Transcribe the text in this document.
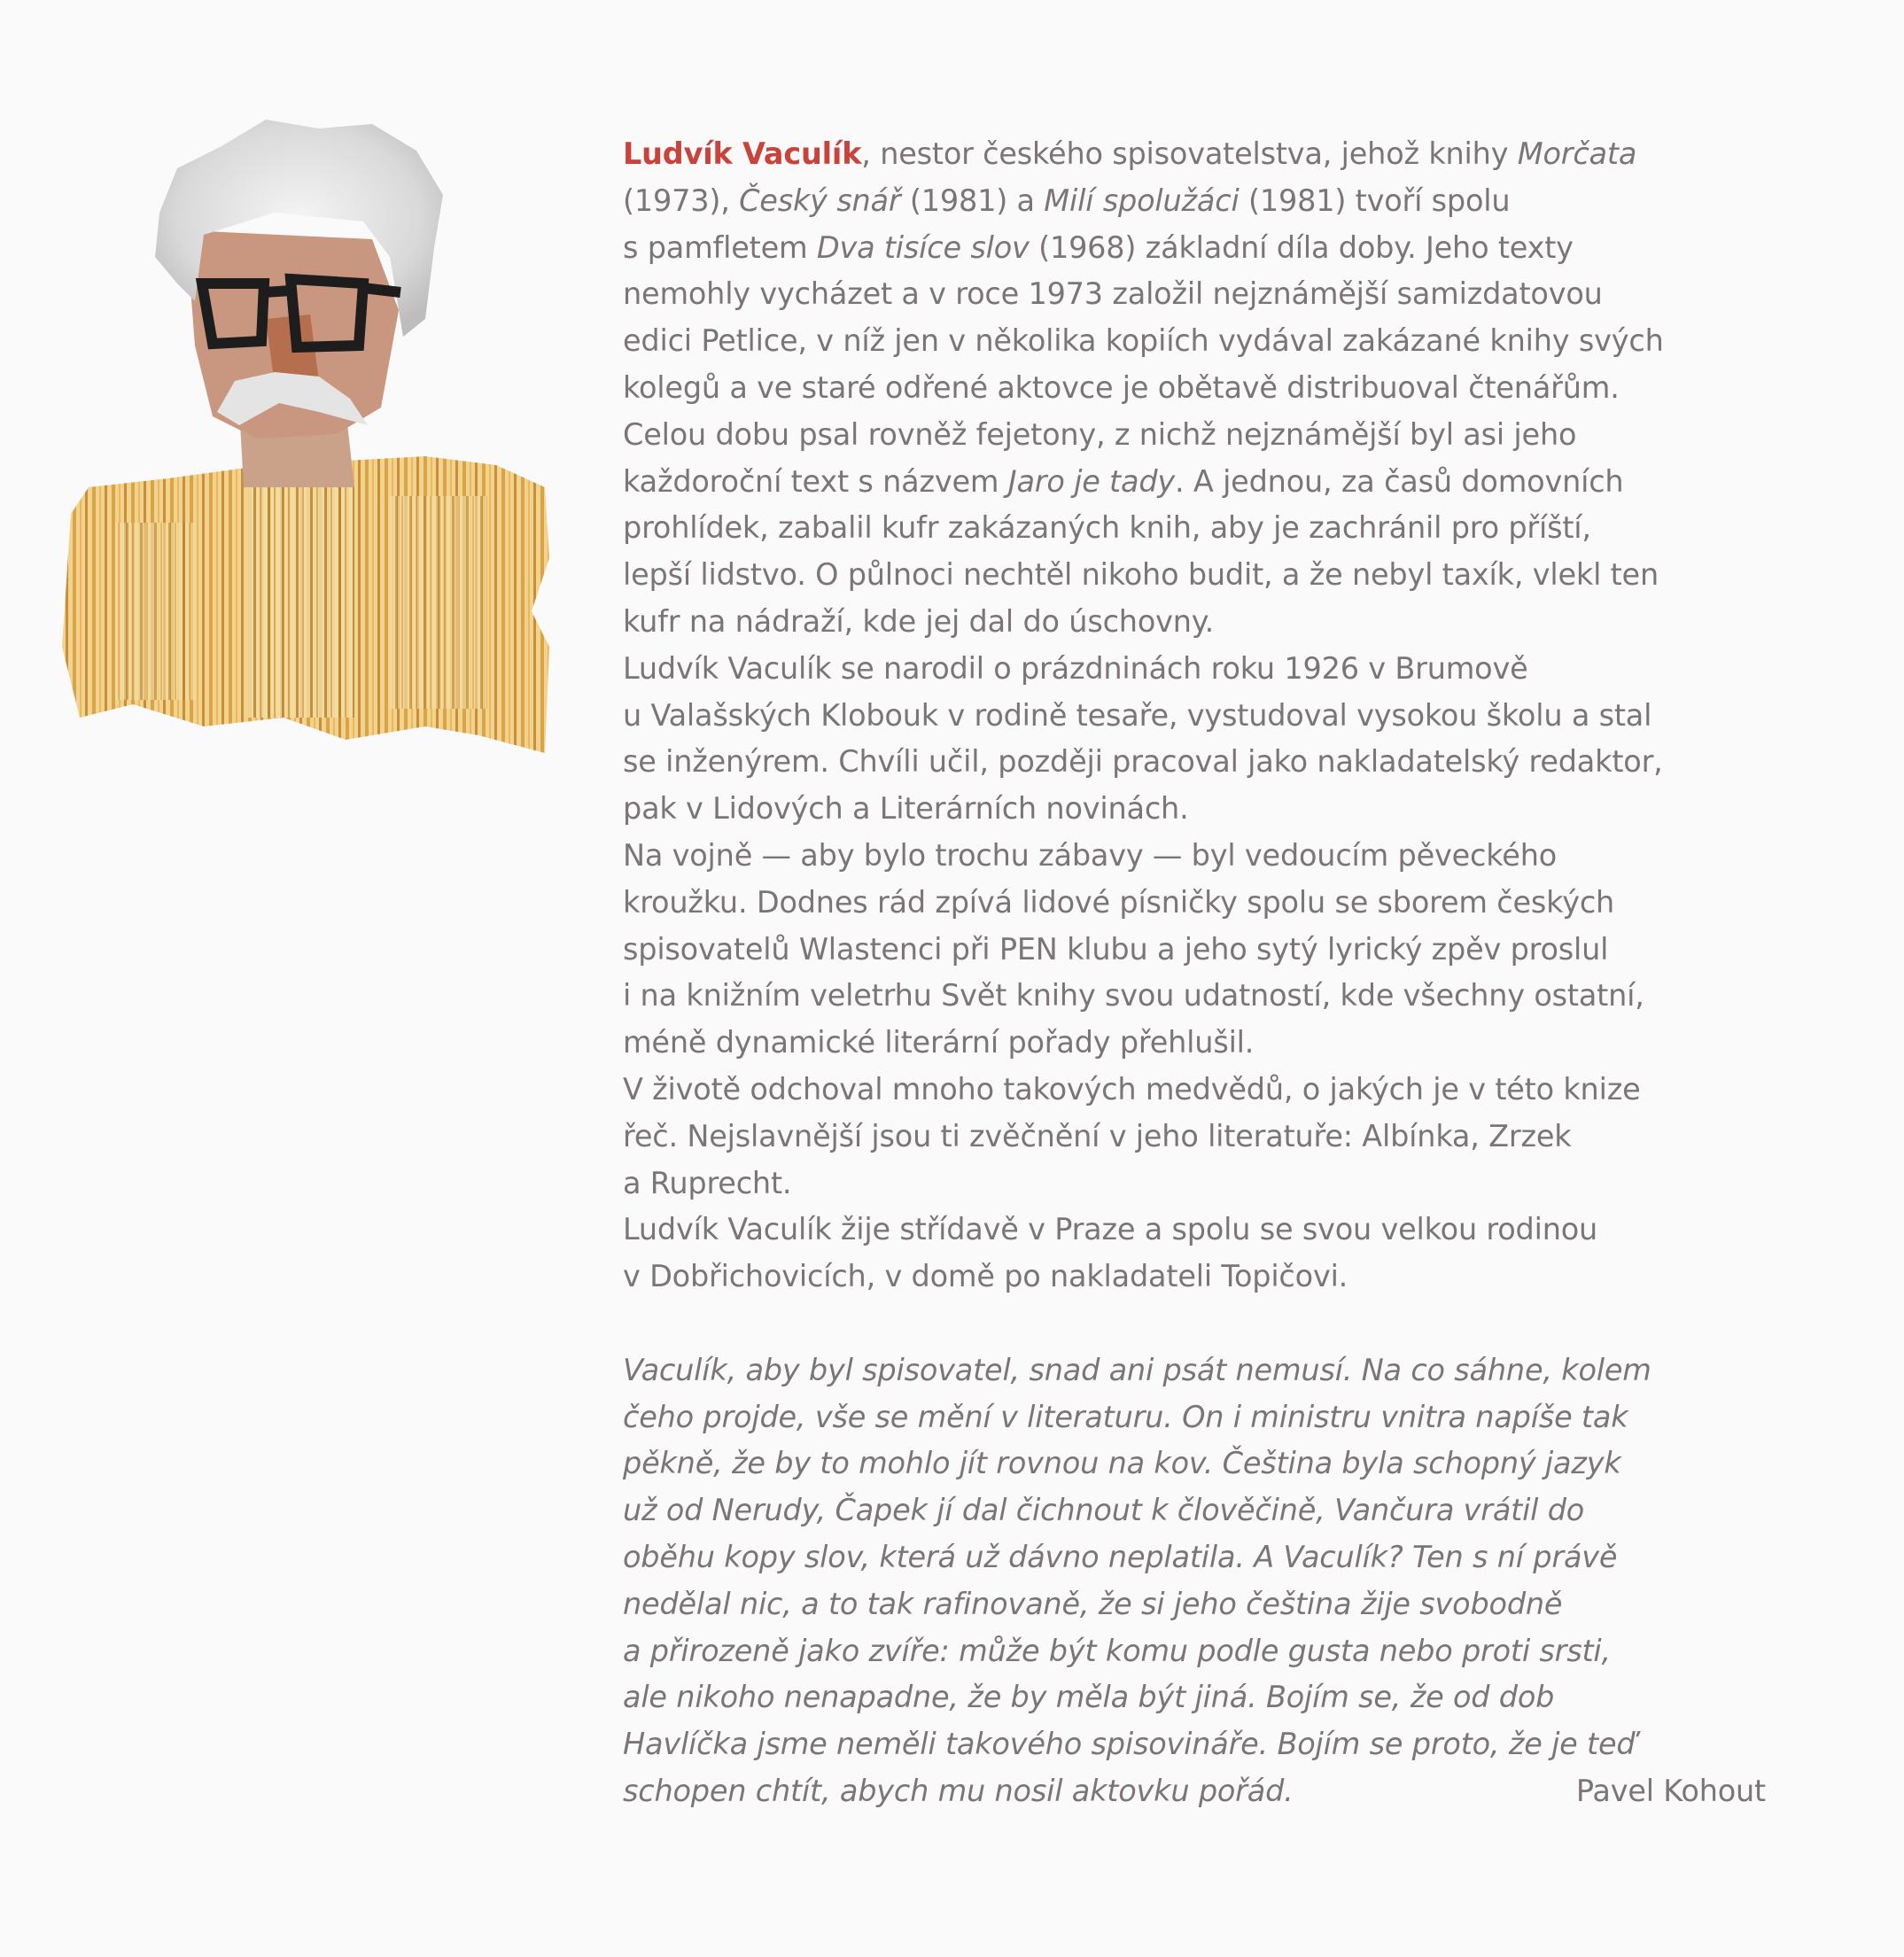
Ludvík Vaculík, nestor českého spisovatelstva, jehož knihy Morčata
(1973), Český snář (1981) a Milí spolužáci (1981) tvoří spolu
s pamfletem Dva tisíce slov (1968) základní díla doby. Jeho texty
nemohly vycházet a v roce 1973 založil nejznámější samizdatovou
edici Petlice, v níž jen v několika kopiích vydával zakázané knihy svých
kolegů a ve staré odřené aktovce je obětavě distribuoval čtenářům.
Celou dobu psal rovněž fejetony, z nichž nejznámější byl asi jeho
každoroční text s názvem Jaro je tady. A jednou, za časů domovních
prohlídek, zabalil kufr zakázaných knih, aby je zachránil pro příští,
lepší lidstvo. O půlnoci nechtěl nikoho budit, a že nebyl taxík, vlekl ten
kufr na nádraží, kde jej dal do úschovny.
Ludvík Vaculík se narodil o prázdninách roku 1926 v Brumově
u Valašských Klobouk v rodině tesaře, vystudoval vysokou školu a stal
se inženýrem. Chvíli učil, později pracoval jako nakladatelský redaktor,
pak v Lidových a Literárních novinách.
Na vojně — aby bylo trochu zábavy — byl vedoucím pěveckého
kroužku. Dodnes rád zpívá lidové písničky spolu se sborem českých
spisovatelů Wlastenci při PEN klubu a jeho sytý lyrický zpěv proslul
i na knižním veletrhu Svět knihy svou udatností, kde všechny ostatní,
méně dynamické literární pořady přehlušil.
V životě odchoval mnoho takových medvědů, o jakých je v této knize
řeč. Nejslavnější jsou ti zvěčnění v jeho literatuře: Albínka, Zrzek
a Ruprecht.
Ludvík Vaculík žije střídavě v Praze a spolu se svou velkou rodinou
v Dobřichovicích, v domě po nakladateli Topičovi.
Vaculík, aby byl spisovatel, snad ani psát nemusí. Na co sáhne, kolem
čeho projde, vše se mění v literaturu. On i ministru vnitra napíše tak
pěkně, že by to mohlo jít rovnou na kov. Čeština byla schopný jazyk
už od Nerudy, Čapek jí dal čichnout k člověčině, Vančura vrátil do
oběhu kopy slov, která už dávno neplatila. A Vaculík? Ten s ní právě
nedělal nic, a to tak rafinovaně, že si jeho čeština žije svobodně
a přirozeně jako zvíře: může být komu podle gusta nebo proti srsti,
ale nikoho nenapadne, že by měla být jiná. Bojím se, že od dob
Havlíčka jsme neměli takového spisovináře. Bojím se proto, že je teď
schopen chtít, abych mu nosil aktovku pořád.	Pavel Kohout
